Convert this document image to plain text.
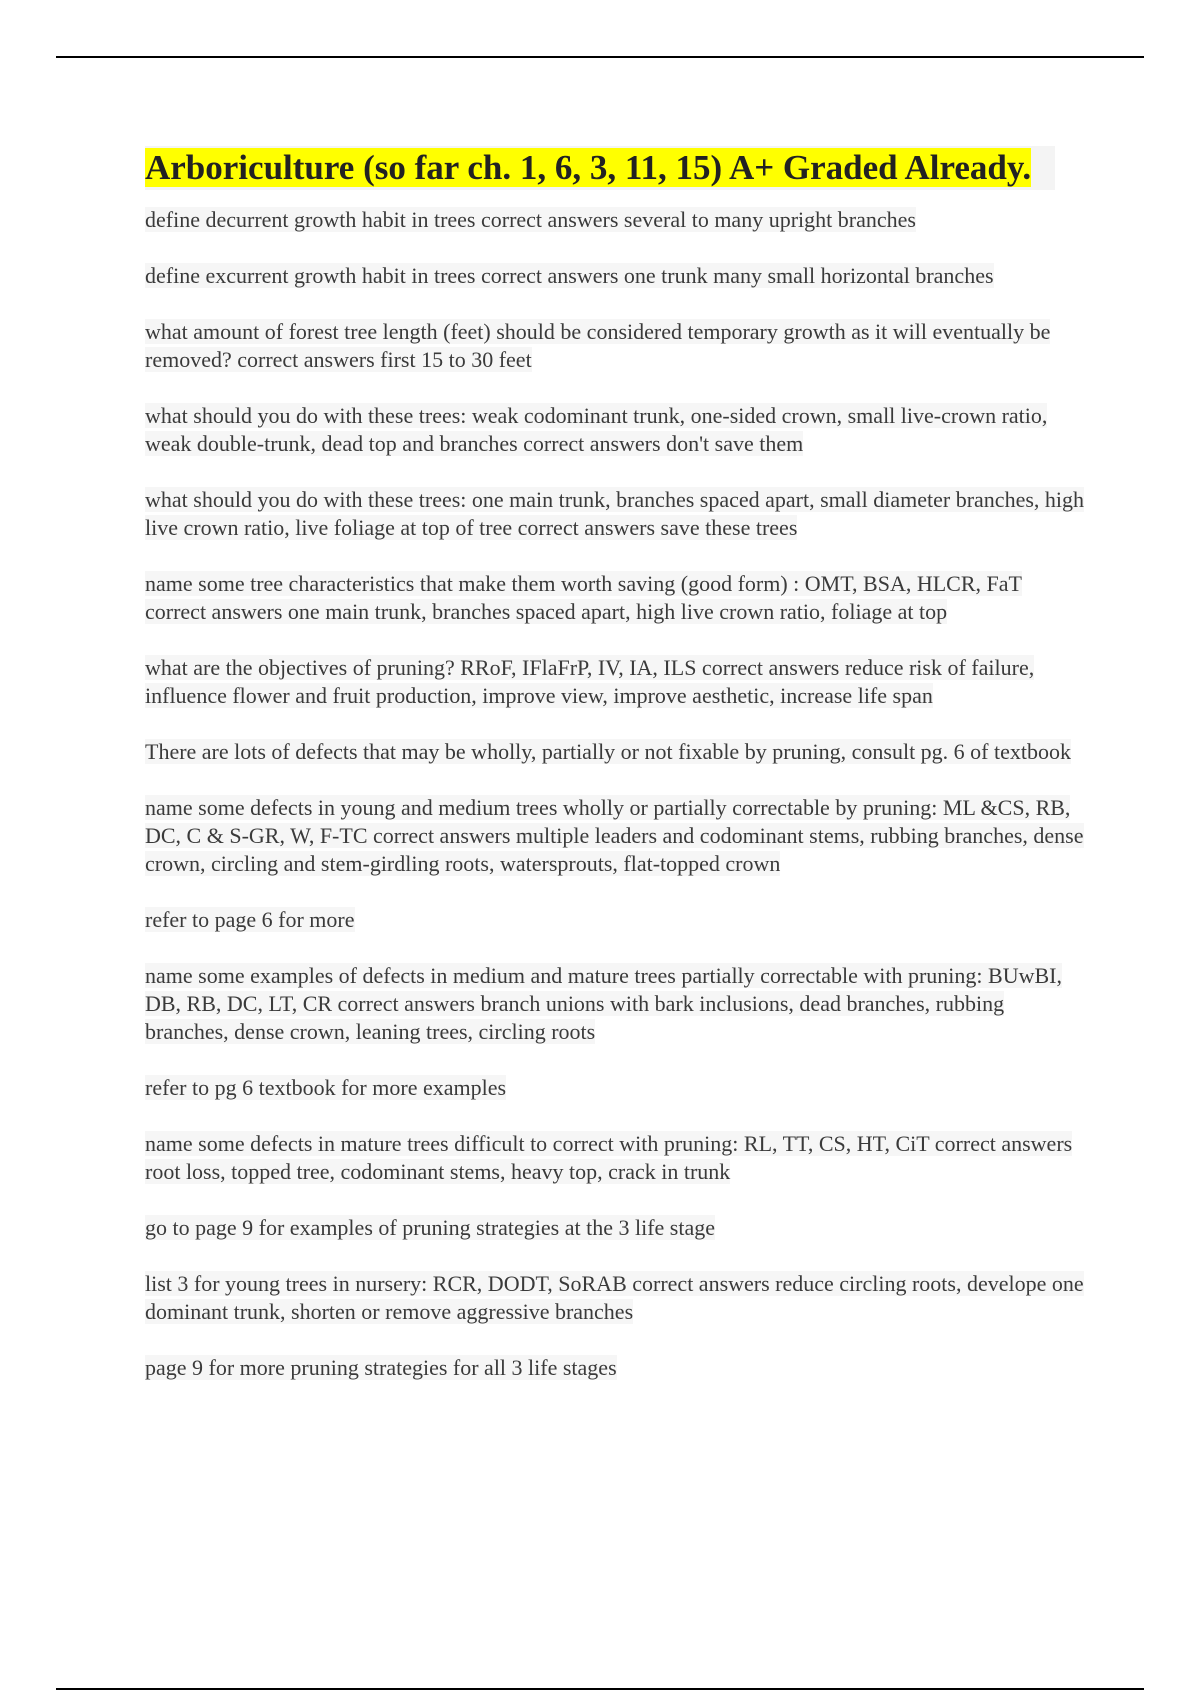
Arboriculture (so far ch. 1, 6, 3, 11, 15) A+ Graded Already.

define decurrent growth habit in trees correct answers several to many upright branches

define excurrent growth habit in trees correct answers one trunk many small horizontal branches

what amount of forest tree length (feet) should be considered temporary growth as it will eventually be removed? correct answers first 15 to 30 feet

what should you do with these trees: weak codominant trunk, one-sided crown, small live-crown ratio, weak double-trunk, dead top and branches correct answers don't save them

what should you do with these trees: one main trunk, branches spaced apart, small diameter branches, high live crown ratio, live foliage at top of tree correct answers save these trees

name some tree characteristics that make them worth saving (good form) : OMT, BSA, HLCR, FaT correct answers one main trunk, branches spaced apart, high live crown ratio, foliage at top

what are the objectives of pruning? RRoF, IFlaFrP, IV, IA, ILS correct answers reduce risk of failure, influence flower and fruit production, improve view, improve aesthetic, increase life span

There are lots of defects that may be wholly, partially or not fixable by pruning, consult pg. 6 of textbook

name some defects in young and medium trees wholly or partially correctable by pruning: ML &CS, RB, DC, C & S-GR, W, F-TC correct answers multiple leaders and codominant stems, rubbing branches, dense crown, circling and stem-girdling roots, watersprouts, flat-topped crown

refer to page 6 for more

name some examples of defects in medium and mature trees partially correctable with pruning: BUwBI, DB, RB, DC, LT, CR correct answers branch unions with bark inclusions, dead branches, rubbing branches, dense crown, leaning trees, circling roots

refer to pg 6 textbook for more examples

name some defects in mature trees difficult to correct with pruning: RL, TT, CS, HT, CiT correct answers root loss, topped tree, codominant stems, heavy top, crack in trunk

go to page 9 for examples of pruning strategies at the 3 life stage

list 3 for young trees in nursery: RCR, DODT, SoRAB correct answers reduce circling roots, develope one dominant trunk, shorten or remove aggressive branches

page 9 for more pruning strategies for all 3 life stages
